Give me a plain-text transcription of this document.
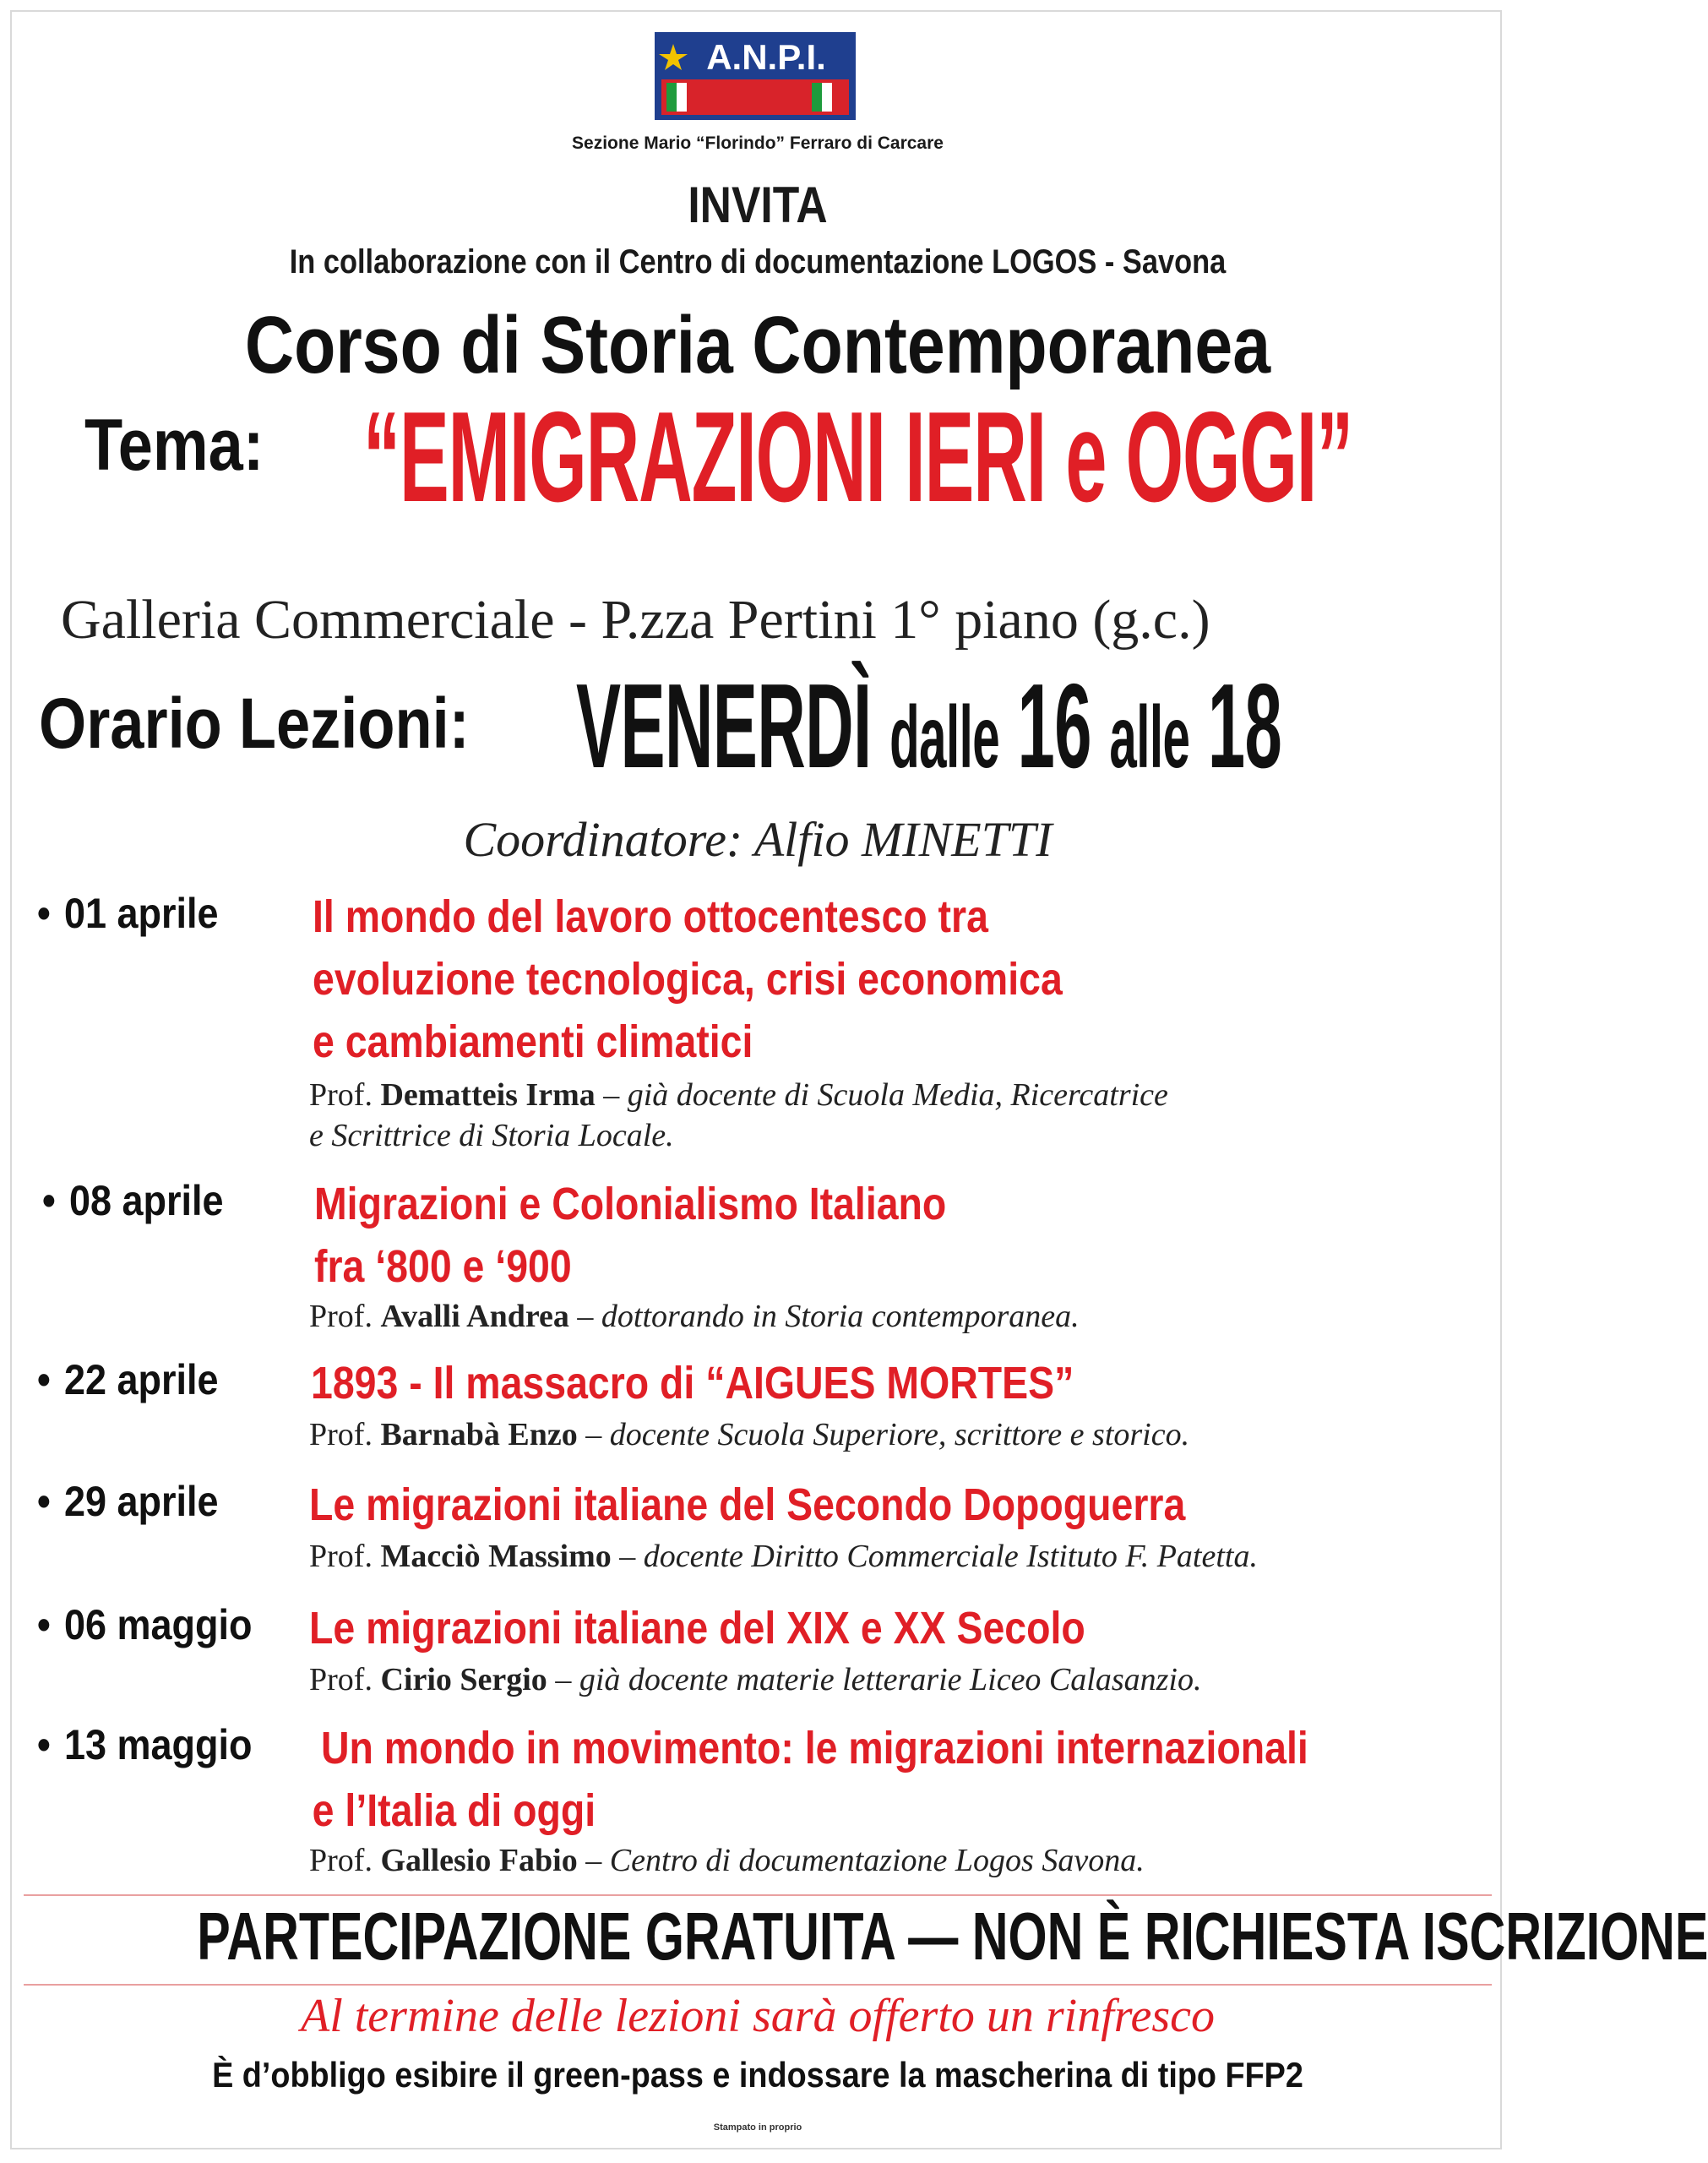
A.N.P.I.
Sezione Mario “Florindo” Ferraro di Carcare
INVITA
In collaborazione con il Centro di documentazione LOGOS - Savona
Corso di Storia Contemporanea
Tema: “EMIGRAZIONI IERI e OGGI”
Galleria Commerciale - P.zza Pertini 1° piano (g.c.)
Orario Lezioni: VENERDÌ dalle 16 alle 18
Coordinatore: Alfio MINETTI
• 01 aprile Il mondo del lavoro ottocentesco tra
evoluzione tecnologica, crisi economica
e cambiamenti climatici
Prof. Dematteis Irma – già docente di Scuola Media, Ricercatrice
e Scrittrice di Storia Locale.
• 08 aprile Migrazioni e Colonialismo Italiano
fra ‘800 e ‘900
Prof. Avalli Andrea – dottorando in Storia contemporanea.
• 22 aprile 1893 - Il massacro di “AIGUES MORTES”
Prof. Barnabà Enzo – docente Scuola Superiore, scrittore e storico.
• 29 aprile Le migrazioni italiane del Secondo Dopoguerra
Prof. Macciò Massimo – docente Diritto Commerciale Istituto F. Patetta.
• 06 maggio Le migrazioni italiane del XIX e XX Secolo
Prof. Cirio Sergio – già docente materie letterarie Liceo Calasanzio.
• 13 maggio Un mondo in movimento: le migrazioni internazionali
e l’Italia di oggi
Prof. Gallesio Fabio – Centro di documentazione Logos Savona.
PARTECIPAZIONE GRATUITA — NON È RICHIESTA ISCRIZIONE
Al termine delle lezioni sarà offerto un rinfresco
È d’obbligo esibire il green-pass e indossare la mascherina di tipo FFP2
Stampato in proprio
